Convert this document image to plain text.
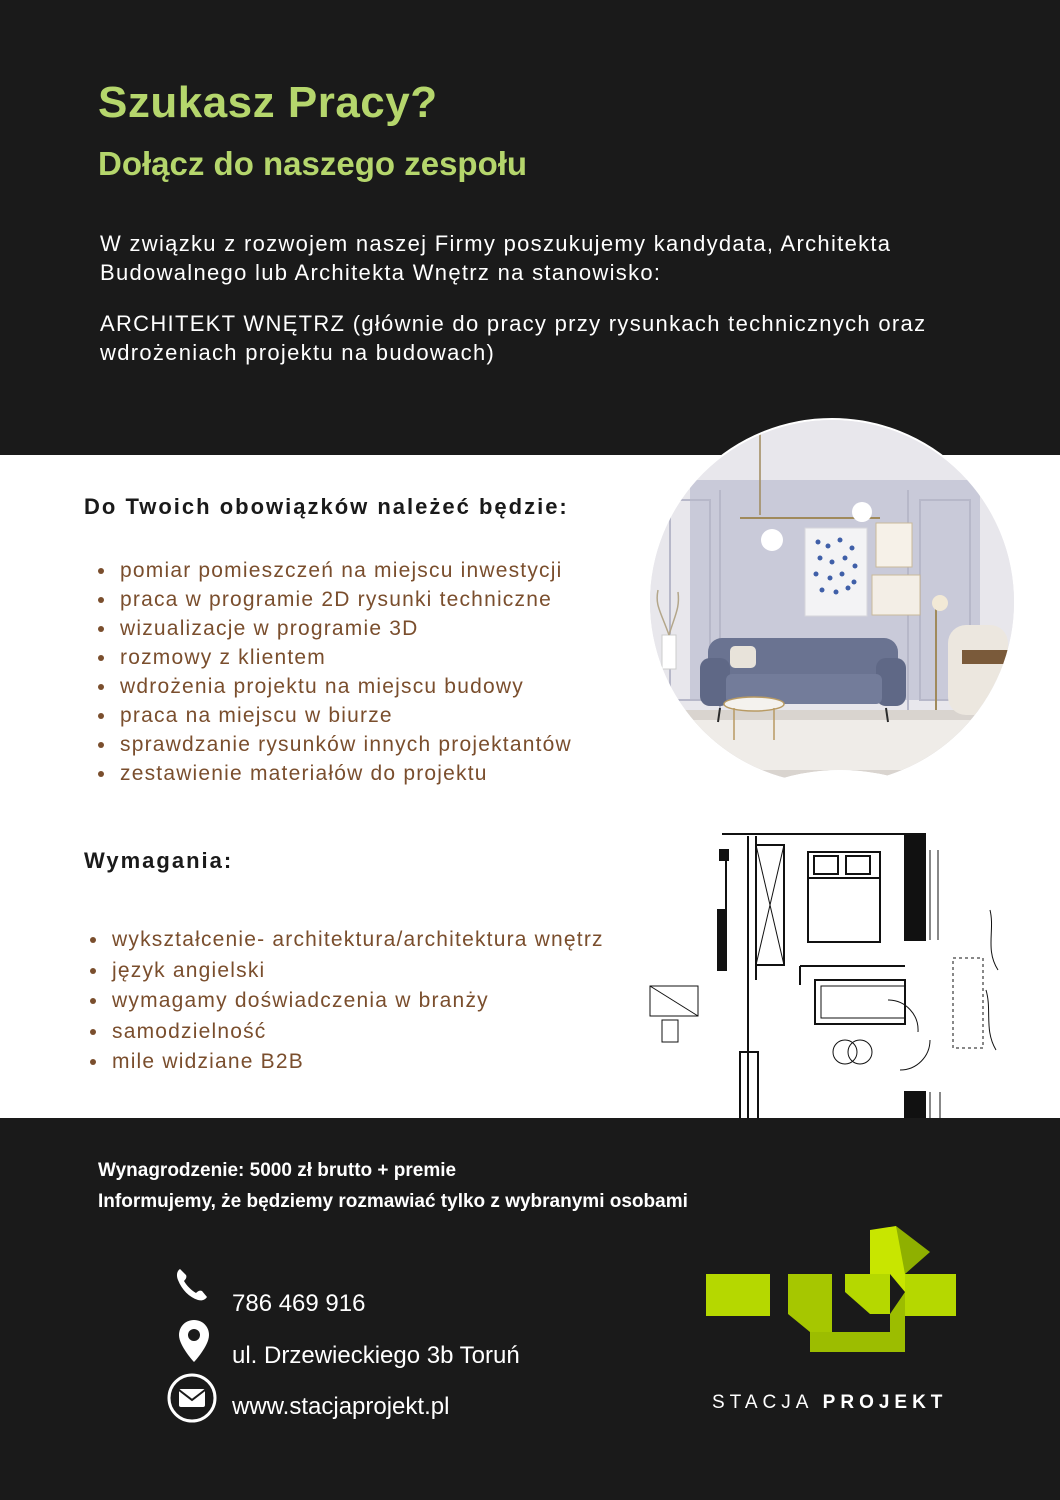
Szukasz Pracy?
Dołącz do naszego zespołu

W związku z rozwojem naszej Firmy poszukujemy kandydata, Architekta Budowalnego lub Architekta Wnętrz na stanowisko:

ARCHITEKT WNĘTRZ (głównie do pracy przy rysunkach technicznych oraz wdrożeniach projektu na budowach)

Do Twoich obowiązków należeć będzie:
pomiar pomieszczeń na miejscu inwestycji
praca w programie 2D rysunki techniczne
wizualizacje w programie 3D
rozmowy z klientem
wdrożenia projektu na miejscu budowy
praca na miejscu w biurze
sprawdzanie rysunków innych projektantów
zestawienie materiałów do projektu
Wymagania:
wykształcenie- architektura/architektura wnętrz
język angielski
wymagamy doświadczenia w branży
samodzielność
mile widziane B2B

Wynagrodzenie: 5000 zł brutto + premie

Informujemy, że będziemy rozmawiać tylko z wybranymi osobami

786 469 916

ul. Drzewieckiego 3b Toruń

www.stacjaprojekt.pl	STACJA PROJEKT
